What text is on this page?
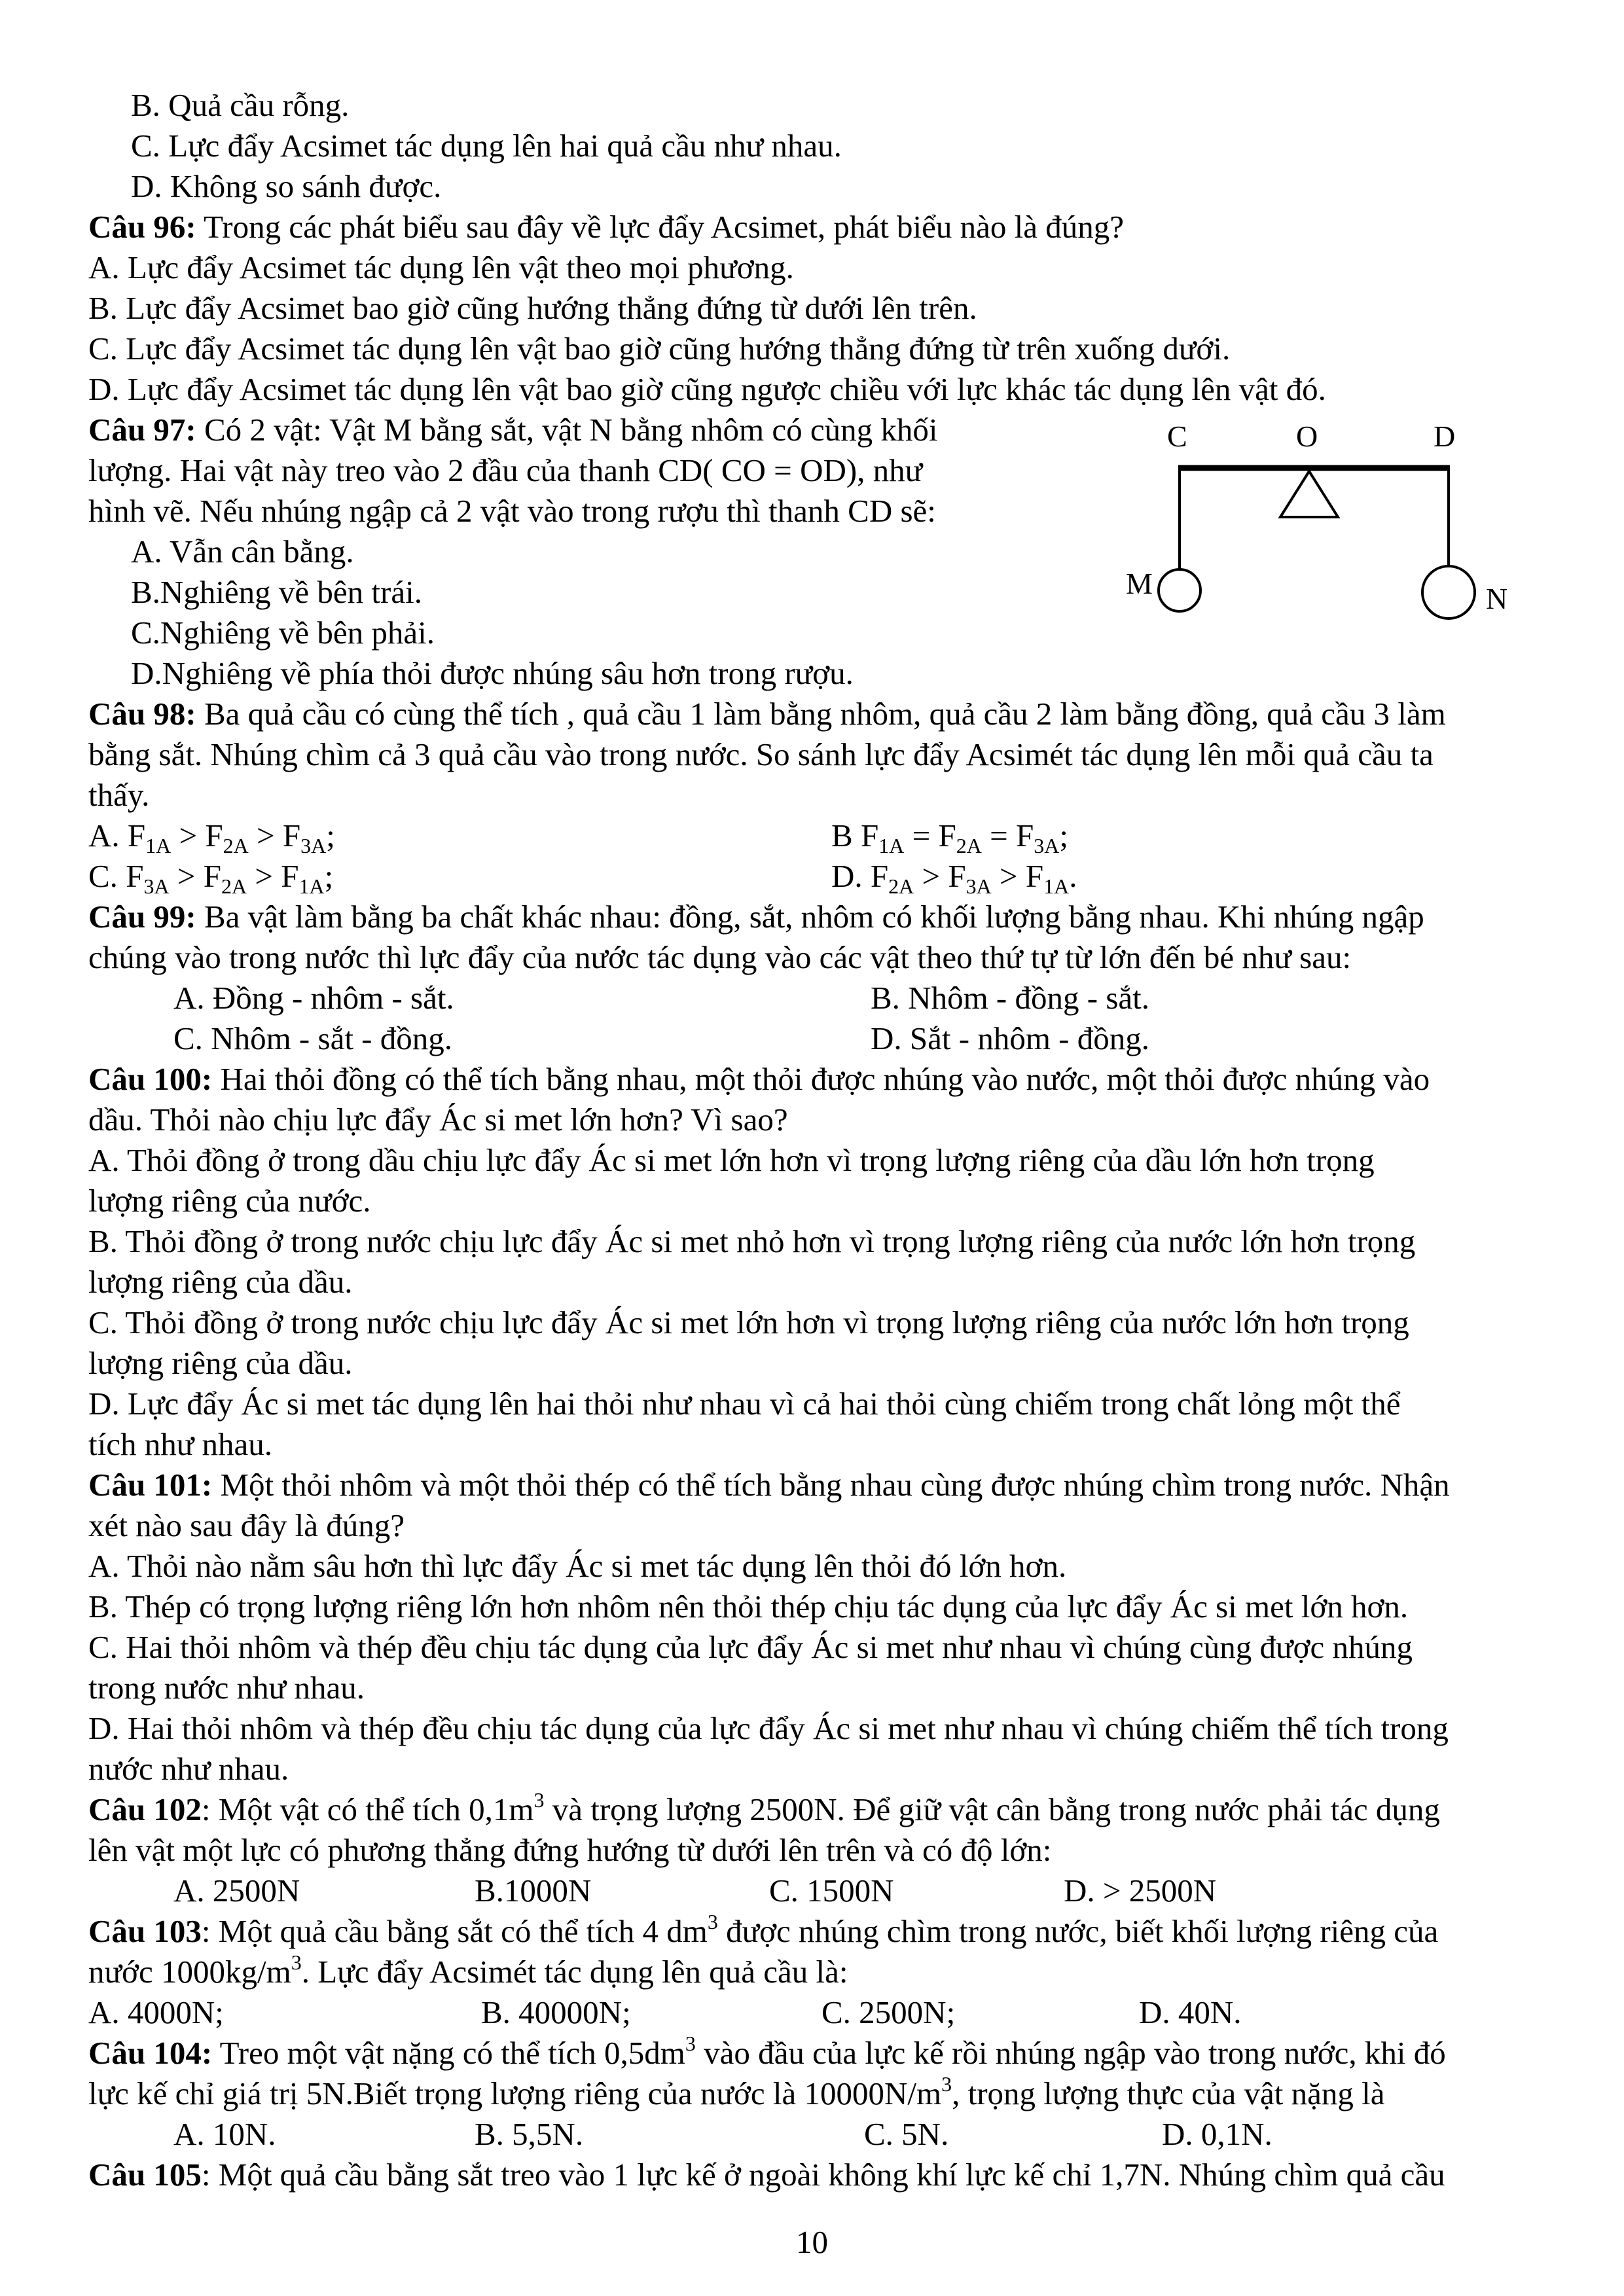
B. Quả cầu rỗng.
C. Lực đẩy Acsimet tác dụng lên hai quả cầu như nhau.
D. Không so sánh được.
Câu 96: Trong các phát biểu sau đây về lực đẩy Acsimet, phát biểu nào là đúng?
A. Lực đẩy Acsimet tác dụng lên vật theo mọi phương.
B. Lực đẩy Acsimet bao giờ cũng hướng thẳng đứng từ dưới lên trên.
C. Lực đẩy Acsimet tác dụng lên vật bao giờ cũng hướng thẳng đứng từ trên xuống dưới.
D. Lực đẩy Acsimet tác dụng lên vật bao giờ cũng ngược chiều với lực khác tác dụng lên vật đó.
Câu 97: Có 2 vật: Vật M bằng sắt, vật N bằng nhôm có cùng khối
lượng. Hai vật này treo vào 2 đầu của thanh CD( CO = OD), như
hình vẽ. Nếu nhúng ngập cả 2 vật vào trong rượu thì thanh CD sẽ:
A. Vẫn cân bằng.
B.Nghiêng về bên trái.
C.Nghiêng về bên phải.
D.Nghiêng về phía thỏi được nhúng sâu hơn trong rượu.
C	O	D
M	N
Câu 98: Ba quả cầu có cùng thể tích , quả cầu 1 làm bằng nhôm, quả cầu 2 làm bằng đồng, quả cầu 3 làm
bằng sắt. Nhúng chìm cả 3 quả cầu vào trong nước. So sánh lực đẩy Acsimét tác dụng lên mỗi quả cầu ta
thấy.
A. $F_{1A} > F_{2A} > F_{3A}$;	B $F_{1A} = F_{2A} = F_{3A}$;
C. $F_{3A} > F_{2A} > F_{1A}$;	D. $F_{2A} > F_{3A} > F_{1A}$.
Câu 99: Ba vật làm bằng ba chất khác nhau: đồng, sắt, nhôm có khối lượng bằng nhau. Khi nhúng ngập
chúng vào trong nước thì lực đẩy của nước tác dụng vào các vật theo thứ tự từ lớn đến bé như sau:
A. Đồng - nhôm - sắt.	B. Nhôm - đồng - sắt.
C. Nhôm - sắt - đồng.	D. Sắt - nhôm - đồng.
Câu 100: Hai thỏi đồng có thể tích bằng nhau, một thỏi được nhúng vào nước, một thỏi được nhúng vào
dầu. Thỏi nào chịu lực đẩy Ác si met lớn hơn? Vì sao?
A. Thỏi đồng ở trong dầu chịu lực đẩy Ác si met lớn hơn vì trọng lượng riêng của dầu lớn hơn trọng
lượng riêng của nước.
B. Thỏi đồng ở trong nước chịu lực đẩy Ác si met nhỏ hơn vì trọng lượng riêng của nước lớn hơn trọng
lượng riêng của dầu.
C. Thỏi đồng ở trong nước chịu lực đẩy Ác si met lớn hơn vì trọng lượng riêng của nước lớn hơn trọng
lượng riêng của dầu.
D. Lực đẩy Ác si met tác dụng lên hai thỏi như nhau vì cả hai thỏi cùng chiếm trong chất lỏng một thể
tích như nhau.
Câu 101: Một thỏi nhôm và một thỏi thép có thể tích bằng nhau cùng được nhúng chìm trong nước. Nhận
xét nào sau đây là đúng?
A. Thỏi nào nằm sâu hơn thì lực đẩy Ác si met tác dụng lên thỏi đó lớn hơn.
B. Thép có trọng lượng riêng lớn hơn nhôm nên thỏi thép chịu tác dụng của lực đẩy Ác si met lớn hơn.
C. Hai thỏi nhôm và thép đều chịu tác dụng của lực đẩy Ác si met như nhau vì chúng cùng được nhúng
trong nước như nhau.
D. Hai thỏi nhôm và thép đều chịu tác dụng của lực đẩy Ác si met như nhau vì chúng chiếm thể tích trong
nước như nhau.
Câu 102: Một vật có thể tích $0,1m^3$ và trọng lượng 2500N. Để giữ vật cân bằng trong nước phải tác dụng
lên vật một lực có phương thẳng đứng hướng từ dưới lên trên và có độ lớn:
A. 2500N	B.1000N	C. 1500N	D. > 2500N
Câu 103: Một quả cầu bằng sắt có thể tích 4 $dm^3$ được nhúng chìm trong nước, biết khối lượng riêng của
nước $1000kg/m^3$. Lực đẩy Acsimét tác dụng lên quả cầu là:
A. 4000N;	B. 40000N;	C. 2500N;	D. 40N.
Câu 104: Treo một vật nặng có thể tích $0,5dm^3$ vào đầu của lực kế rồi nhúng ngập vào trong nước, khi đó
lực kế chỉ giá trị 5N.Biết trọng lượng riêng của nước là $10000N/m^3$, trọng lượng thực của vật nặng là
A. 10N.	B. 5,5N.	C. 5N.	D. 0,1N.
Câu 105: Một quả cầu bằng sắt treo vào 1 lực kế ở ngoài không khí lực kế chỉ 1,7N. Nhúng chìm quả cầu
10
